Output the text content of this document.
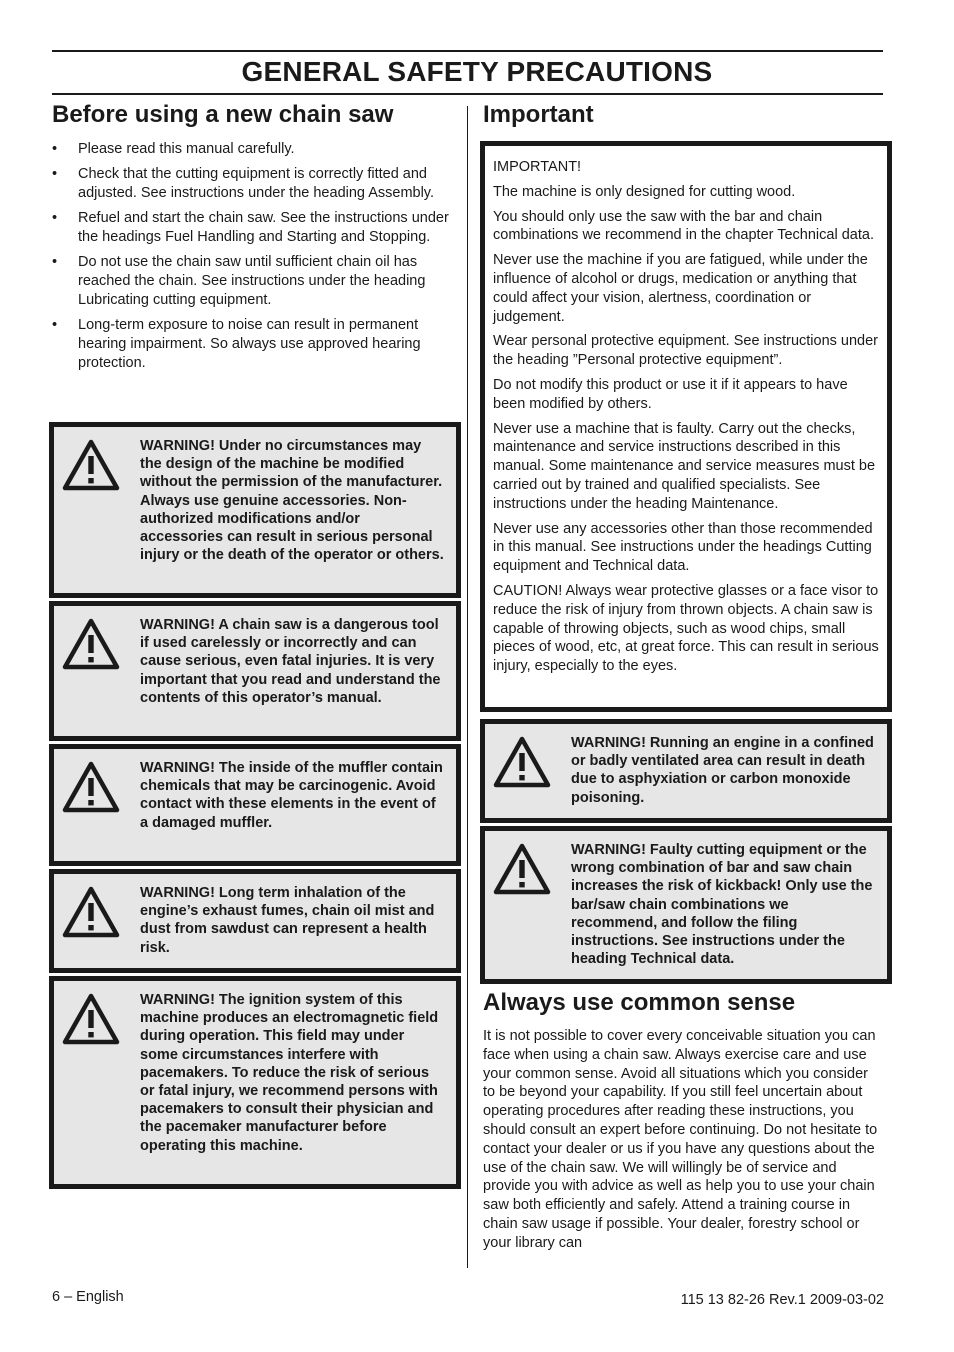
GENERAL SAFETY PRECAUTIONS
Before using a new chain saw
• Please read this manual carefully.
• Check that the cutting equipment is correctly fitted and adjusted. See instructions under the heading Assembly.
• Refuel and start the chain saw. See the instructions under the headings Fuel Handling and Starting and Stopping.
• Do not use the chain saw until sufficient chain oil has reached the chain. See instructions under the heading Lubricating cutting equipment.
• Long-term exposure to noise can result in permanent hearing impairment. So always use approved hearing protection.
WARNING! Under no circumstances may the design of the machine be modified without the permission of the manufacturer. Always use genuine accessories. Non-authorized modifications and/or accessories can result in serious personal injury or the death of the operator or others.
WARNING! A chain saw is a dangerous tool if used carelessly or incorrectly and can cause serious, even fatal injuries. It is very important that you read and understand the contents of this operator’s manual.
WARNING! The inside of the muffler contain chemicals that may be carcinogenic. Avoid contact with these elements in the event of a damaged muffler.
WARNING! Long term inhalation of the engine’s exhaust fumes, chain oil mist and dust from sawdust can represent a health risk.
WARNING! The ignition system of this machine produces an electromagnetic field during operation. This field may under some circumstances interfere with pacemakers. To reduce the risk of serious or fatal injury, we recommend persons with pacemakers to consult their physician and the pacemaker manufacturer before operating this machine.
Important

IMPORTANT!

The machine is only designed for cutting wood.

You should only use the saw with the bar and chain combinations we recommend in the chapter Technical data.

Never use the machine if you are fatigued, while under the influence of alcohol or drugs, medication or anything that could affect your vision, alertness, coordination or judgement.

Wear personal protective equipment. See instructions under the heading ”Personal protective equipment”.

Do not modify this product or use it if it appears to have been modified by others.

Never use a machine that is faulty. Carry out the checks, maintenance and service instructions described in this manual. Some maintenance and service measures must be carried out by trained and qualified specialists. See instructions under the heading Maintenance.

Never use any accessories other than those recommended in this manual. See instructions under the headings Cutting equipment and Technical data.

CAUTION! Always wear protective glasses or a face visor to reduce the risk of injury from thrown objects. A chain saw is capable of throwing objects, such as wood chips, small pieces of wood, etc, at great force. This can result in serious injury, especially to the eyes.

WARNING! Running an engine in a confined or badly ventilated area can result in death due to asphyxiation or carbon monoxide poisoning.
WARNING! Faulty cutting equipment or the wrong combination of bar and saw chain increases the risk of kickback! Only use the bar/saw chain combinations we recommend, and follow the filing instructions. See instructions under the heading Technical data.
Always use common sense

It is not possible to cover every conceivable situation you can face when using a chain saw. Always exercise care and use your common sense. Avoid all situations which you consider to be beyond your capability. If you still feel uncertain about operating procedures after reading these instructions, you should consult an expert before continuing. Do not hesitate to contact your dealer or us if you have any questions about the use of the chain saw. We will willingly be of service and provide you with advice as well as help you to use your chain saw both efficiently and safely. Attend a training course in chain saw usage if possible. Your dealer, forestry school or your library can

6 – English	115 13 82-26 Rev.1 2009-03-02
